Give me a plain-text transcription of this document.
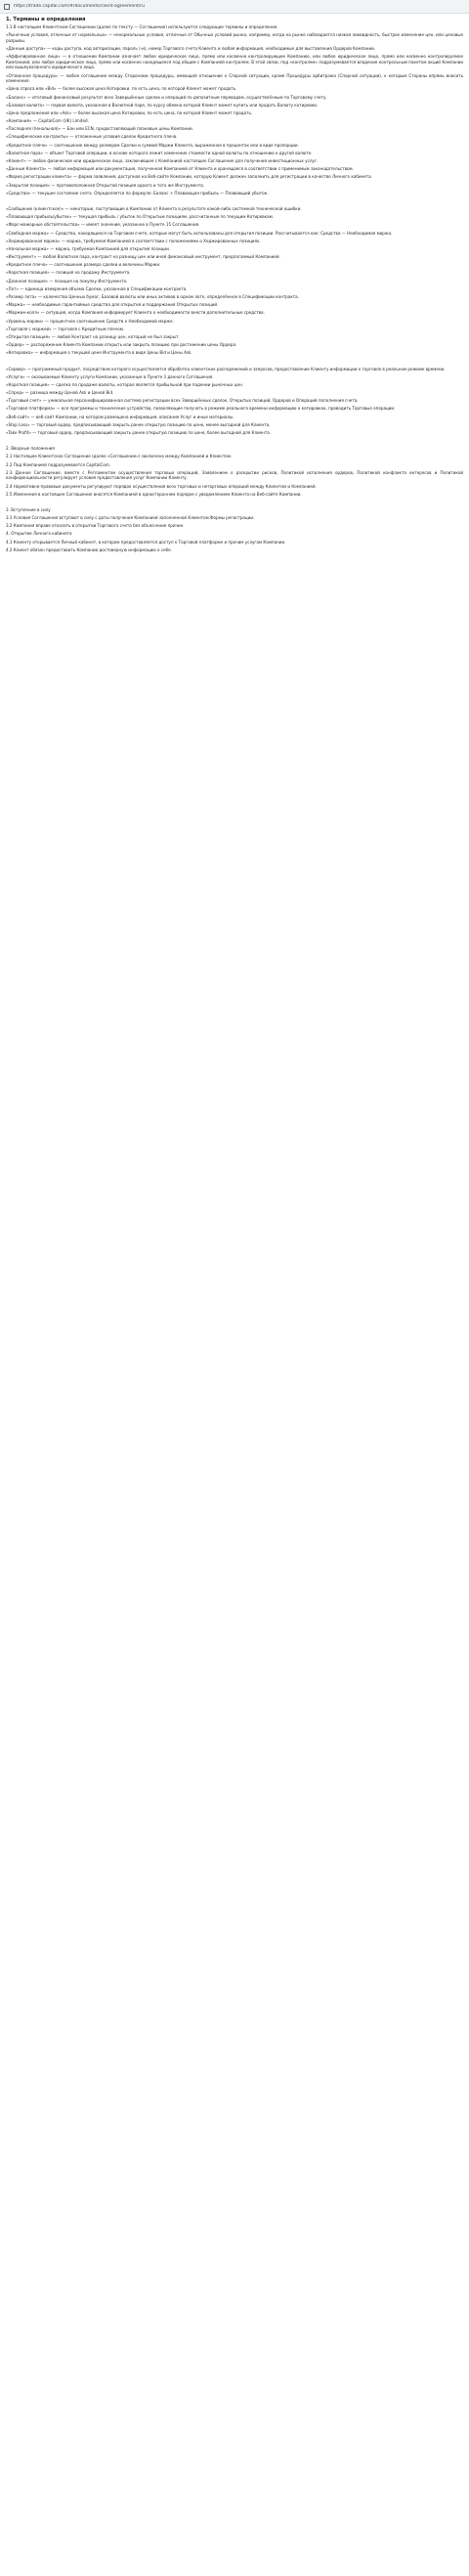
https://trade.capital.com/#/documents/client-agreement/ru
1. Термины и определения

1.1 В настоящем Клиентском Соглашении (далее по тексту — Соглашение) используются следующие термины и определения.

«Рыночные условия, отличные от нормальных» — ненормальные условия, отличные от Обычных условий рынка, например, когда на рынке наблюдается низкая ликвидность, быстрое изменение цен, или ценовые разрывы.

«Данные доступа» — коды доступа, код авторизации, пароль (-и), номер Торгового счета Клиента и любая информация, необходимые для выставления Ордеров Компании.

«Аффилированное лицо» — в отношении Компании означает любое юридическое лицо, прямо или косвенно контролирующее Компанию, или любое юридическое лицо, прямо или косвенно контролируемое Компанией, или любое юридическое лицо, прямо или косвенно находящееся под общим с Компанией контролем. В этой связи, под «контролем» подразумевается владение контрольным пакетом акций Компании или вышеуказанного юридического лица.

«Отзвонная процедура» — любое соглашение между Сторонами процедуры, имеющей отношение к Спорной ситуации, кроме Процедуры арбитража (Спорной ситуации), к которым Стороны впрямь вносить изменения.

«Цена спроса или «Bid» — более высокая цена Котировки, по есть цена, по которой Клиент может продать.

«Баланс» — итоговый финансовый результат всех Завершённых сделок и операций по депозитным переводам, осуществлённым по Торговому счету.

«Базовая валюта» — первая валюта, указанная в Валютной паре, по курсу обмена которой Клиент может купить или продать Валюту котировки.

«Цена предложения или «Ask» — более высокая цена Котировки, по есть цена, по которой Клиент может продать.

«Компания» — CapitalCom (UK) Limited.

«Последняя (пенальная)» — Бан или ECN, предоставляющий плановые цены Компании.

«Специфические контракты» — отложенные условия сделок Кредитного плеча.

«Кредитное плечо» — соотношение между размером Сделки и суммой Маржи Клиента, выраженное в процентах или в виде пропорции.

«Валютная пара» — объект Торговой операции, в основе которого лежит изменение стоимости одной валюты по отношению к другой валюте.

«Клиент» — любое физическое или юридическое лицо, заключившее с Компанией настоящее Соглашение для получения инвестиционных услуг.

«Данные Клиента» — любая информация или документация, полученная Компанией от Клиента и хранящаяся в соответствии с применимым законодательством.

«Форма регистрации клиента» — форма заявления, доступная на Веб-сайте Компании, которую Клиент должен заполнить для регистрации в качестве Личного кабинета.

«Закрытая позиция» — противоположная Открытой позиция одного и того же Инструмента.

«Средства» — текущее состояние счета. Определяется по формуле: Баланс + Плавающая прибыль — Плавающий убыток.

«Сообщение (клиентское)» — некоторые, поступающие в Компанию от Клиента в результате какой-либо системной технической ошибки.

«Плавающая прибыль/убыток» — текущая прибыль / убыток по Открытым позициям, рассчитанные по текущим Котировкам.

«Форс-мажорные обстоятельства» — имеет значение, указанное в Пункте 15 Соглашения.

«Свободная маржа» — Средства, находящиеся на Торговом счете, которые могут быть использованы для открытия позиции. Рассчитывается как: Средства — Необходимая маржа.

«Хеджированная маржа» — маржа, требуемая Компанией в соответствии с положениями о Хеджированных позициях.

«Начальная маржа» — маржа, требуемая Компанией для открытия позиции.

«Инструмент» — любая Валютная пара, контракт на разницу цен или иной финансовый инструмент, предлагаемый Компанией.

«Кредитное плечо» — соотношение размера сделки и величины Маржи.

«Короткая позиция» — позиция на продажу Инструмента.

«Длинная позиция» — позиция на покупку Инструмента.

«Лот» — единица измерения объема Сделки, указанная в Спецификации контракта.

«Размер лота» — количество Ценных бумаг, Базовой валюты или иных активов в одном лоте, определённое в Спецификации контракта.

«Маржа» — необходимые гарантийные средства для открытия и поддержания Открытых позиций.

«Маржин-колл» — ситуация, когда Компания информирует Клиента о необходимости внести дополнительные средства.

«Уровень маржи» — процентное соотношение Средств к Необходимой марже.

«Торговля с маржей» — торговля с Кредитным плечом.

«Открытая позиция» — любой Контракт на разницу цен, который не был закрыт.

«Ордер» — распоряжение Клиента Компании открыть или закрыть позицию при достижении цены Ордера.

«Котировка» — информация о текущей цене Инструмента в виде Цены Bid и Цены Ask.

«Сервер» — программный продукт, посредством которого осуществляется обработка клиентских распоряжений и запросов, предоставление Клиенту информации о торговле в реальном режиме времени.

«Услуги» — оказываемые Клиенту услуги Компании, указанные в Пункте 3 данного Соглашения.

«Короткая позиция» — сделка по продаже валюты, которая является прибыльной при падении рыночных цен.

«Спред» — разница между Ценой Ask и Ценой Bid.

«Торговый счет» — уникальная персонифицированная система регистрации всех Завершённых сделок, Открытых позиций, Ордеров и Операций пополнения счета.

«Торговая платформа» — все программы и технические устройства, позволяющие получать в режиме реального времени информацию о котировках, проводить Торговые операции.

«Веб-сайт» — веб-сайт Компании, на котором размещена информация, описание Услуг и иные материалы.

«Stop Loss» — торговый ордер, предписывающий закрыть ранее открытую позицию по цене, менее выгодной для Клиента.

«Take Profit» — торговый ордер, предписывающий закрыть ранее открытую позицию по цене, более выгодной для Клиента.

2. Вводные положения

2.1 Настоящее Клиентское Соглашение (далее «Соглашение») заключено между Компанией и Клиентом.

2.2 Под Компанией подразумевается CapitalCom.

2.3 Данное Соглашение, вместе с Регламентом осуществления торговых операций, Заявлением о раскрытии рисков, Политикой исполнения ордеров, Политикой конфликта интересов и Политикой конфиденциальности регулирует условия предоставления услуг Компании Клиенту.

2.4 Нормативно-правовые документы регулируют порядок осуществления всех торговых и неторговых операций между Клиентом и Компанией.

2.5 Изменения в настоящее Соглашение вносятся Компанией в одностороннем порядке с уведомлением Клиента на Веб-сайте Компании.

3. Вступление в силу

3.1 Условия Соглашения вступают в силу с даты получения Компанией заполненной Клиентом Формы регистрации.

3.2 Компания вправе отказать в открытии Торгового счета без объяснения причин.

4. Открытие Личного кабинета

4.1 Клиенту открывается Личный кабинет, в котором предоставляется доступ к Торговой платформе и прочим услугам Компании.

4.2 Клиент обязан предоставить Компании достоверную информацию о себе.
